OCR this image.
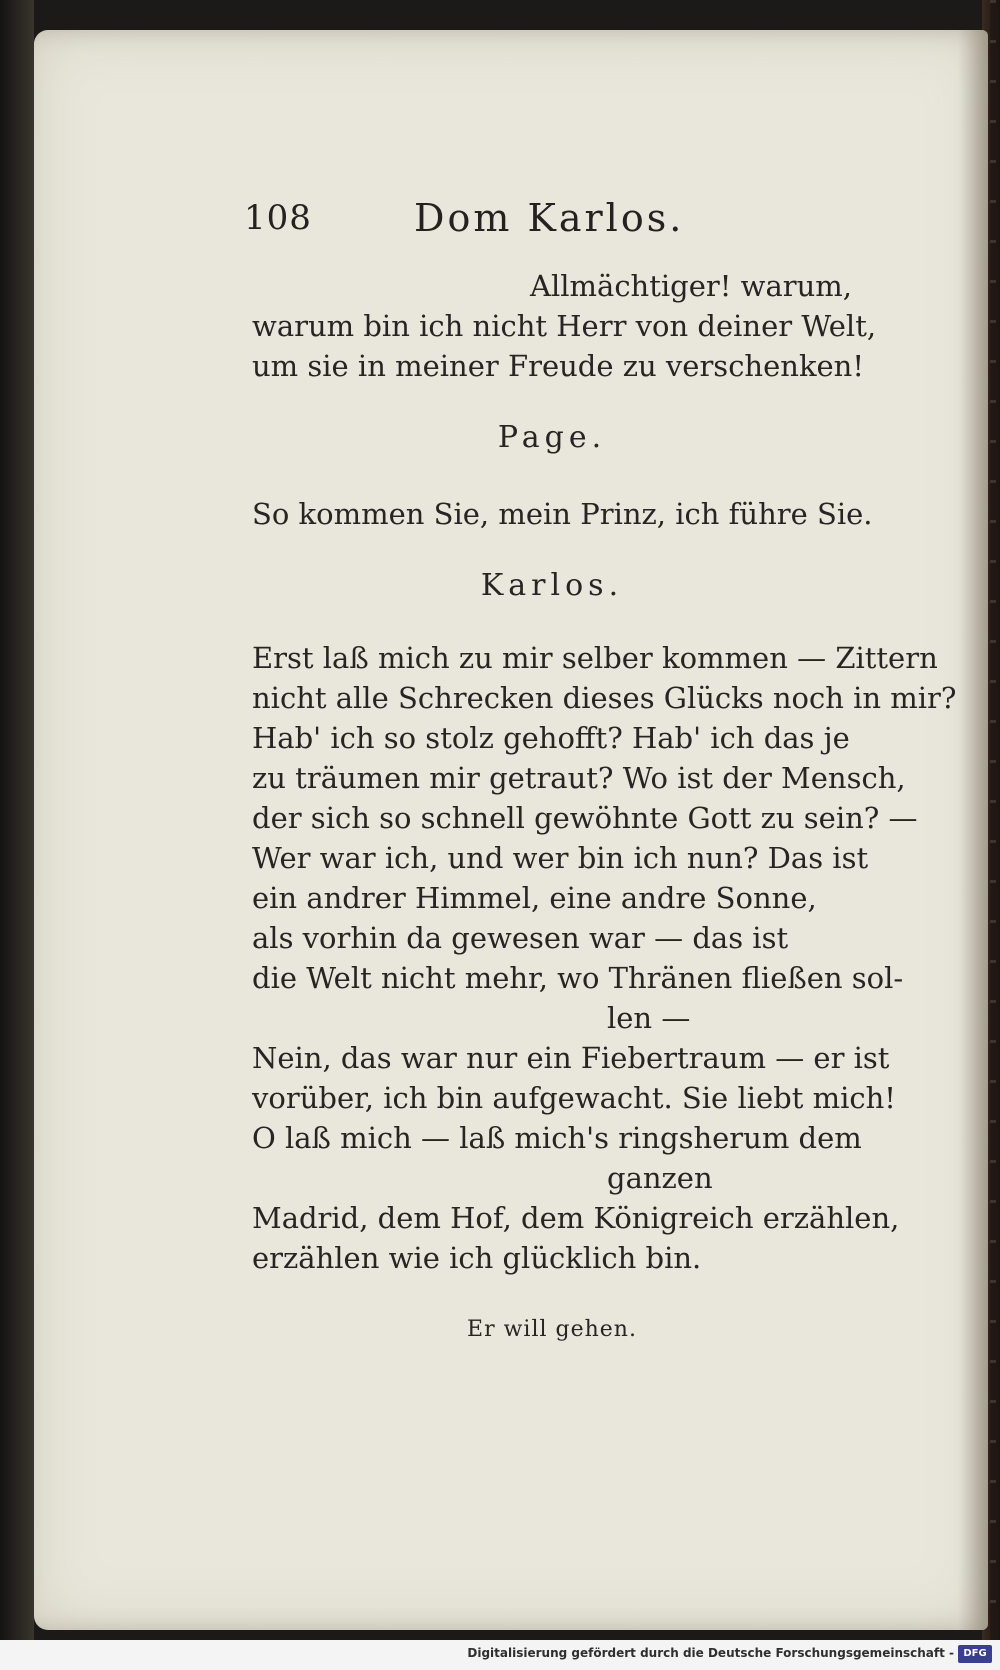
108	Dom Karlos.
Allmächtiger! warum,
warum bin ich nicht Herr von deiner Welt,
um sie in meiner Freude zu verschenken!
Page.
So kommen Sie, mein Prinz, ich führe Sie.
Karlos.
Erst laß mich zu mir selber kommen — Zittern
nicht alle Schrecken dieses Glücks noch in mir?
Hab' ich so stolz gehofft? Hab' ich das je
zu träumen mir getraut? Wo ist der Mensch,
der sich so schnell gewöhnte Gott zu sein? —
Wer war ich, und wer bin ich nun? Das ist
ein andrer Himmel, eine andre Sonne,
als vorhin da gewesen war — das ist
die Welt nicht mehr, wo Thränen fließen sol-
len —
Nein, das war nur ein Fiebertraum — er ist
vorüber, ich bin aufgewacht. Sie liebt mich!
O laß mich — laß mich's ringsherum dem
ganzen
Madrid, dem Hof, dem Königreich erzählen,
erzählen wie ich glücklich bin.
Er will gehen.
Digitalisierung gefördert durch die Deutsche Forschungsgemeinschaft - DFG
